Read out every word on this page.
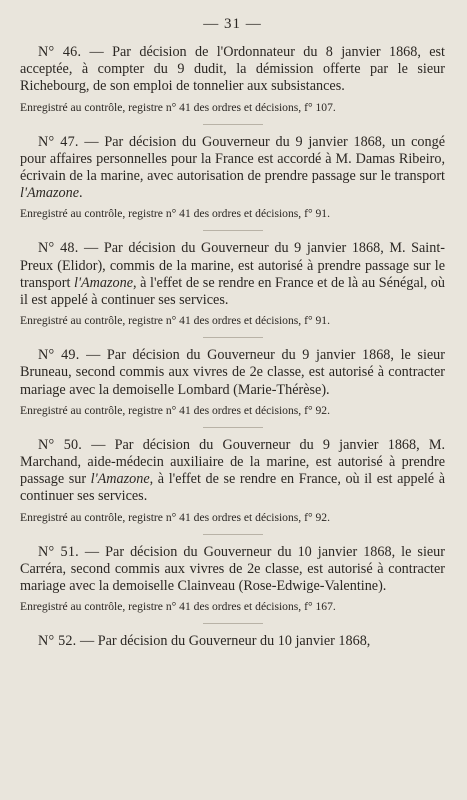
— 31 —

N° 46. — Par décision de l'Ordonnateur du 8 janvier 1868, est acceptée, à compter du 9 dudit, la démission offerte par le sieur Richebourg, de son emploi de tonnelier aux subsistances.

Enregistré au contrôle, registre n° 41 des ordres et décisions, f° 107.

N° 47. — Par décision du Gouverneur du 9 janvier 1868, un congé pour affaires personnelles pour la France est accordé à M. Damas Ribeiro, écrivain de la marine, avec autorisation de prendre passage sur le transport l'Amazone.

Enregistré au contrôle, registre n° 41 des ordres et décisions, f° 91.

N° 48. — Par décision du Gouverneur du 9 janvier 1868, M. Saint-Preux (Elidor), commis de la marine, est autorisé à prendre passage sur le transport l'Amazone, à l'effet de se rendre en France et de là au Sénégal, où il est appelé à continuer ses services.

Enregistré au contrôle, registre n° 41 des ordres et décisions, f° 91.

N° 49. — Par décision du Gouverneur du 9 janvier 1868, le sieur Bruneau, second commis aux vivres de 2e classe, est autorisé à contracter mariage avec la demoiselle Lombard (Marie-Thérèse).

Enregistré au contrôle, registre n° 41 des ordres et décisions, f° 92.

N° 50. — Par décision du Gouverneur du 9 janvier 1868, M. Marchand, aide-médecin auxiliaire de la marine, est autorisé à prendre passage sur l'Amazone, à l'effet de se rendre en France, où il est appelé à continuer ses services.

Enregistré au contrôle, registre n° 41 des ordres et décisions, f° 92.

N° 51. — Par décision du Gouverneur du 10 janvier 1868, le sieur Carréra, second commis aux vivres de 2e classe, est autorisé à contracter mariage avec la demoiselle Clainveau (Rose-Edwige-Valentine).

Enregistré au contrôle, registre n° 41 des ordres et décisions, f° 167.

N° 52. — Par décision du Gouverneur du 10 janvier 1868,
